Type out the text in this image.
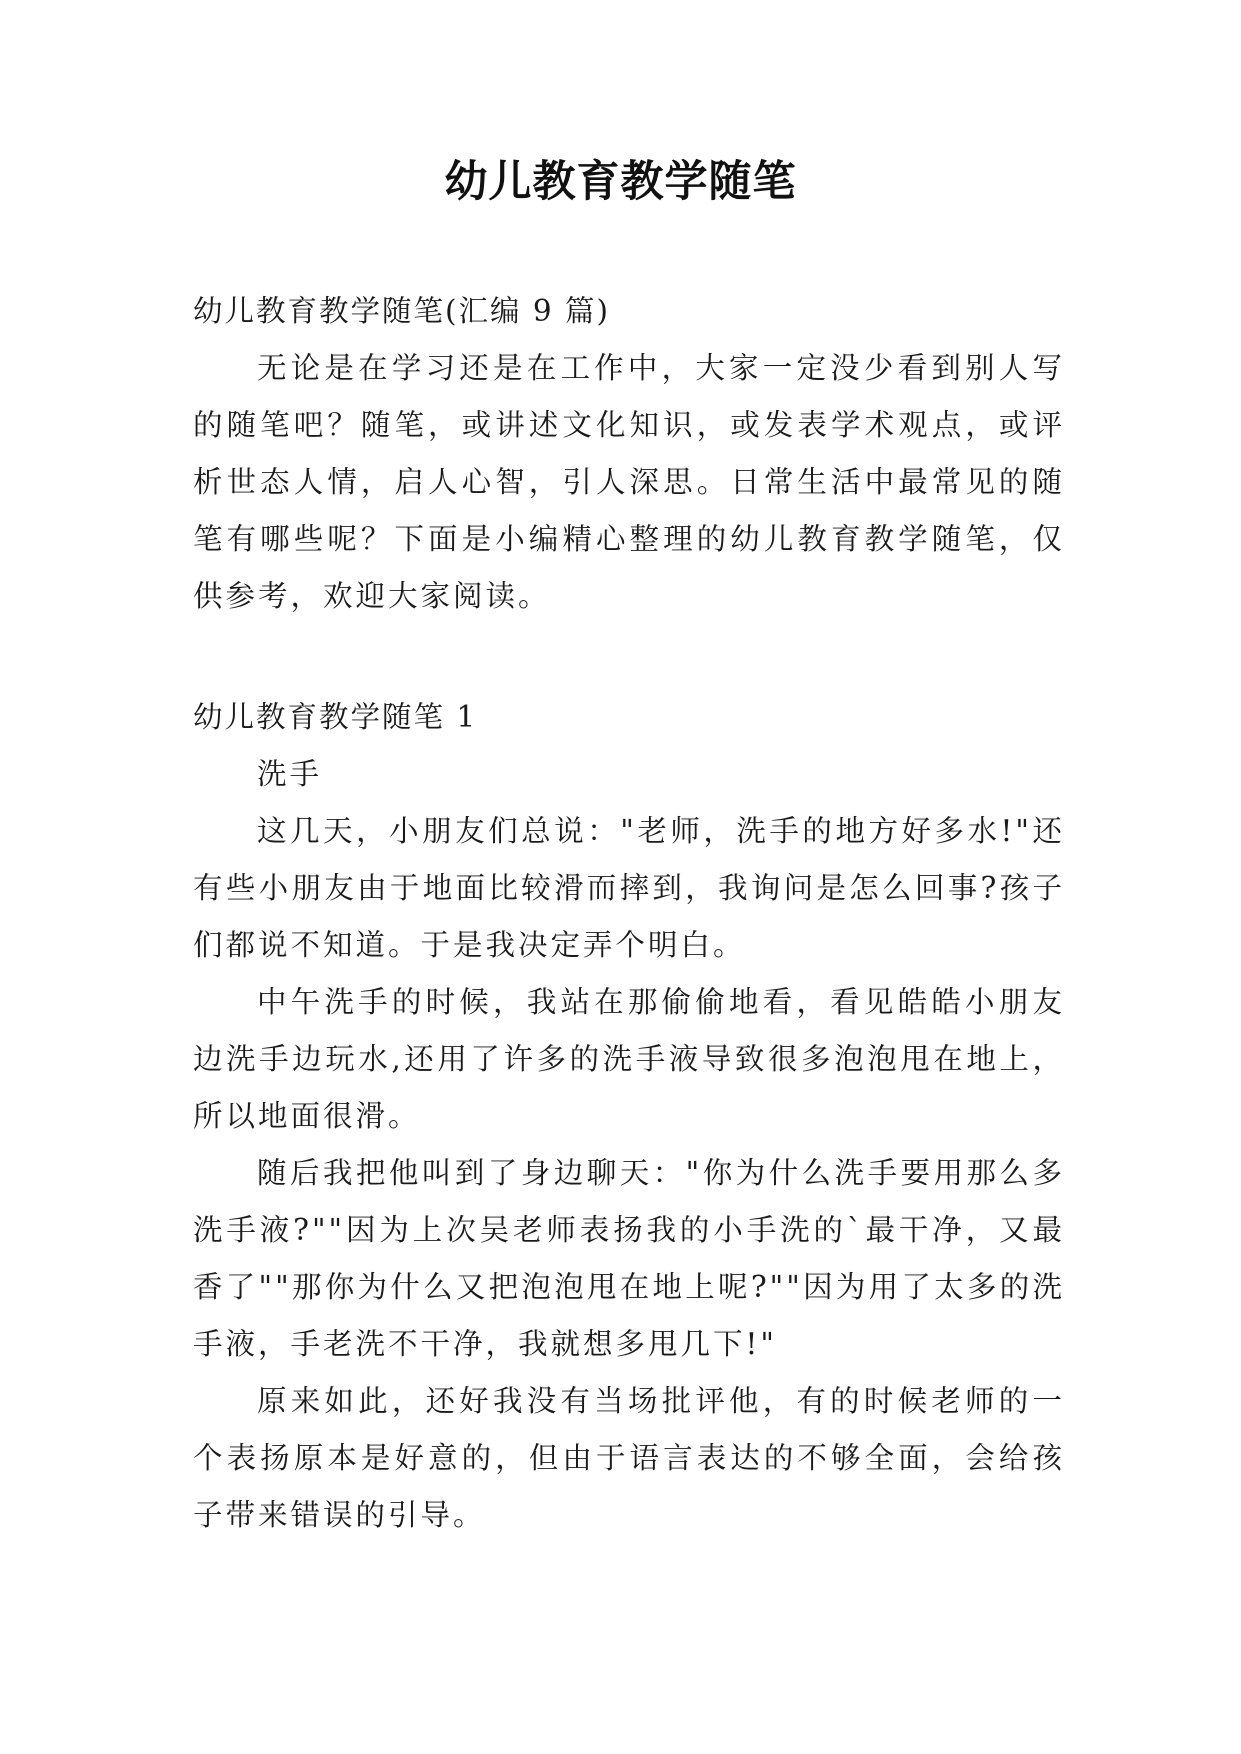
幼儿教育教学随笔

幼儿教育教学随笔(汇编 9 篇)

无论是在学习还是在工作中，大家一定没少看到别人写的随笔吧？随笔，或讲述文化知识，或发表学术观点，或评析世态人情，启人心智，引人深思。日常生活中最常见的随笔有哪些呢？下面是小编精心整理的幼儿教育教学随笔，仅供参考，欢迎大家阅读。

幼儿教育教学随笔 1

洗手

这几天，小朋友们总说："老师，洗手的地方好多水!"还有些小朋友由于地面比较滑而摔到，我询问是怎么回事?孩子们都说不知道。于是我决定弄个明白。

中午洗手的时候，我站在那偷偷地看，看见皓皓小朋友边洗手边玩水,还用了许多的洗手液导致很多泡泡甩在地上，所以地面很滑。

随后我把他叫到了身边聊天："你为什么洗手要用那么多洗手液?""因为上次吴老师表扬我的小手洗的`最干净，又最香了""那你为什么又把泡泡甩在地上呢?""因为用了太多的洗手液，手老洗不干净，我就想多甩几下!"

原来如此，还好我没有当场批评他，有的时候老师的一个表扬原本是好意的，但由于语言表达的不够全面，会给孩子带来错误的引导。
